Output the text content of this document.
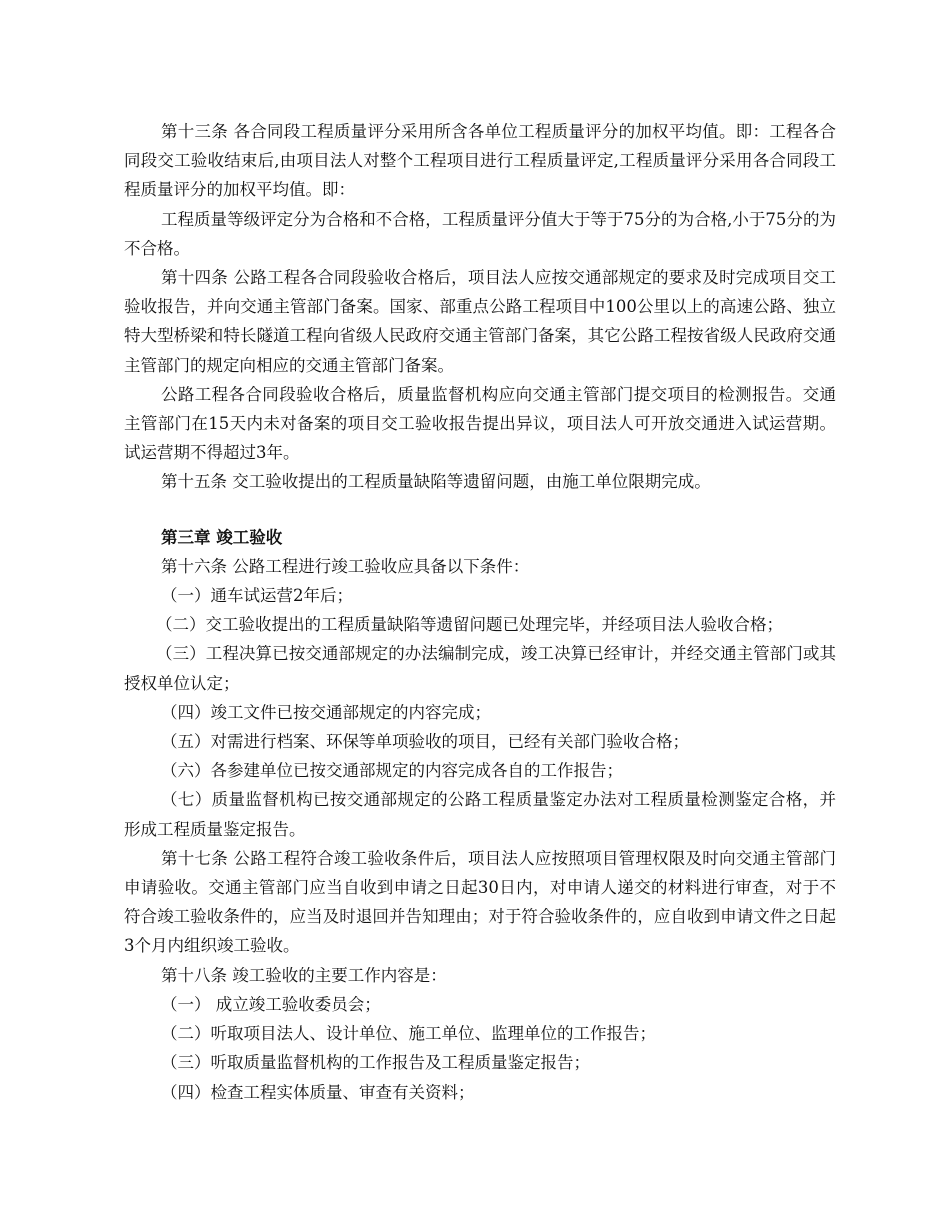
第十三条 各合同段工程质量评分采用所含各单位工程质量评分的加权平均值。即：工程各合同段交工验收结束后,由项目法人对整个工程项目进行工程质量评定,工程质量评分采用各合同段工程质量评分的加权平均值。即：

工程质量等级评定分为合格和不合格，工程质量评分值大于等于75分的为合格,小于75分的为不合格。

第十四条 公路工程各合同段验收合格后，项目法人应按交通部规定的要求及时完成项目交工验收报告，并向交通主管部门备案。国家、部重点公路工程项目中100公里以上的高速公路、独立特大型桥梁和特长隧道工程向省级人民政府交通主管部门备案，其它公路工程按省级人民政府交通主管部门的规定向相应的交通主管部门备案。

公路工程各合同段验收合格后，质量监督机构应向交通主管部门提交项目的检测报告。交通主管部门在15天内未对备案的项目交工验收报告提出异议，项目法人可开放交通进入试运营期。试运营期不得超过3年。

第十五条 交工验收提出的工程质量缺陷等遗留问题，由施工单位限期完成。

第三章 竣工验收

第十六条 公路工程进行竣工验收应具备以下条件：

（一）通车试运营2年后；

（二）交工验收提出的工程质量缺陷等遗留问题已处理完毕，并经项目法人验收合格；

（三）工程决算已按交通部规定的办法编制完成，竣工决算已经审计，并经交通主管部门或其授权单位认定；

（四）竣工文件已按交通部规定的内容完成；

（五）对需进行档案、环保等单项验收的项目，已经有关部门验收合格；

（六）各参建单位已按交通部规定的内容完成各自的工作报告；

（七）质量监督机构已按交通部规定的公路工程质量鉴定办法对工程质量检测鉴定合格，并形成工程质量鉴定报告。

第十七条 公路工程符合竣工验收条件后，项目法人应按照项目管理权限及时向交通主管部门申请验收。交通主管部门应当自收到申请之日起30日内，对申请人递交的材料进行审查，对于不符合竣工验收条件的，应当及时退回并告知理由；对于符合验收条件的，应自收到申请文件之日起3个月内组织竣工验收。

第十八条 竣工验收的主要工作内容是：

（一） 成立竣工验收委员会；

（二）听取项目法人、设计单位、施工单位、监理单位的工作报告；

（三）听取质量监督机构的工作报告及工程质量鉴定报告；

（四）检查工程实体质量、审查有关资料；
